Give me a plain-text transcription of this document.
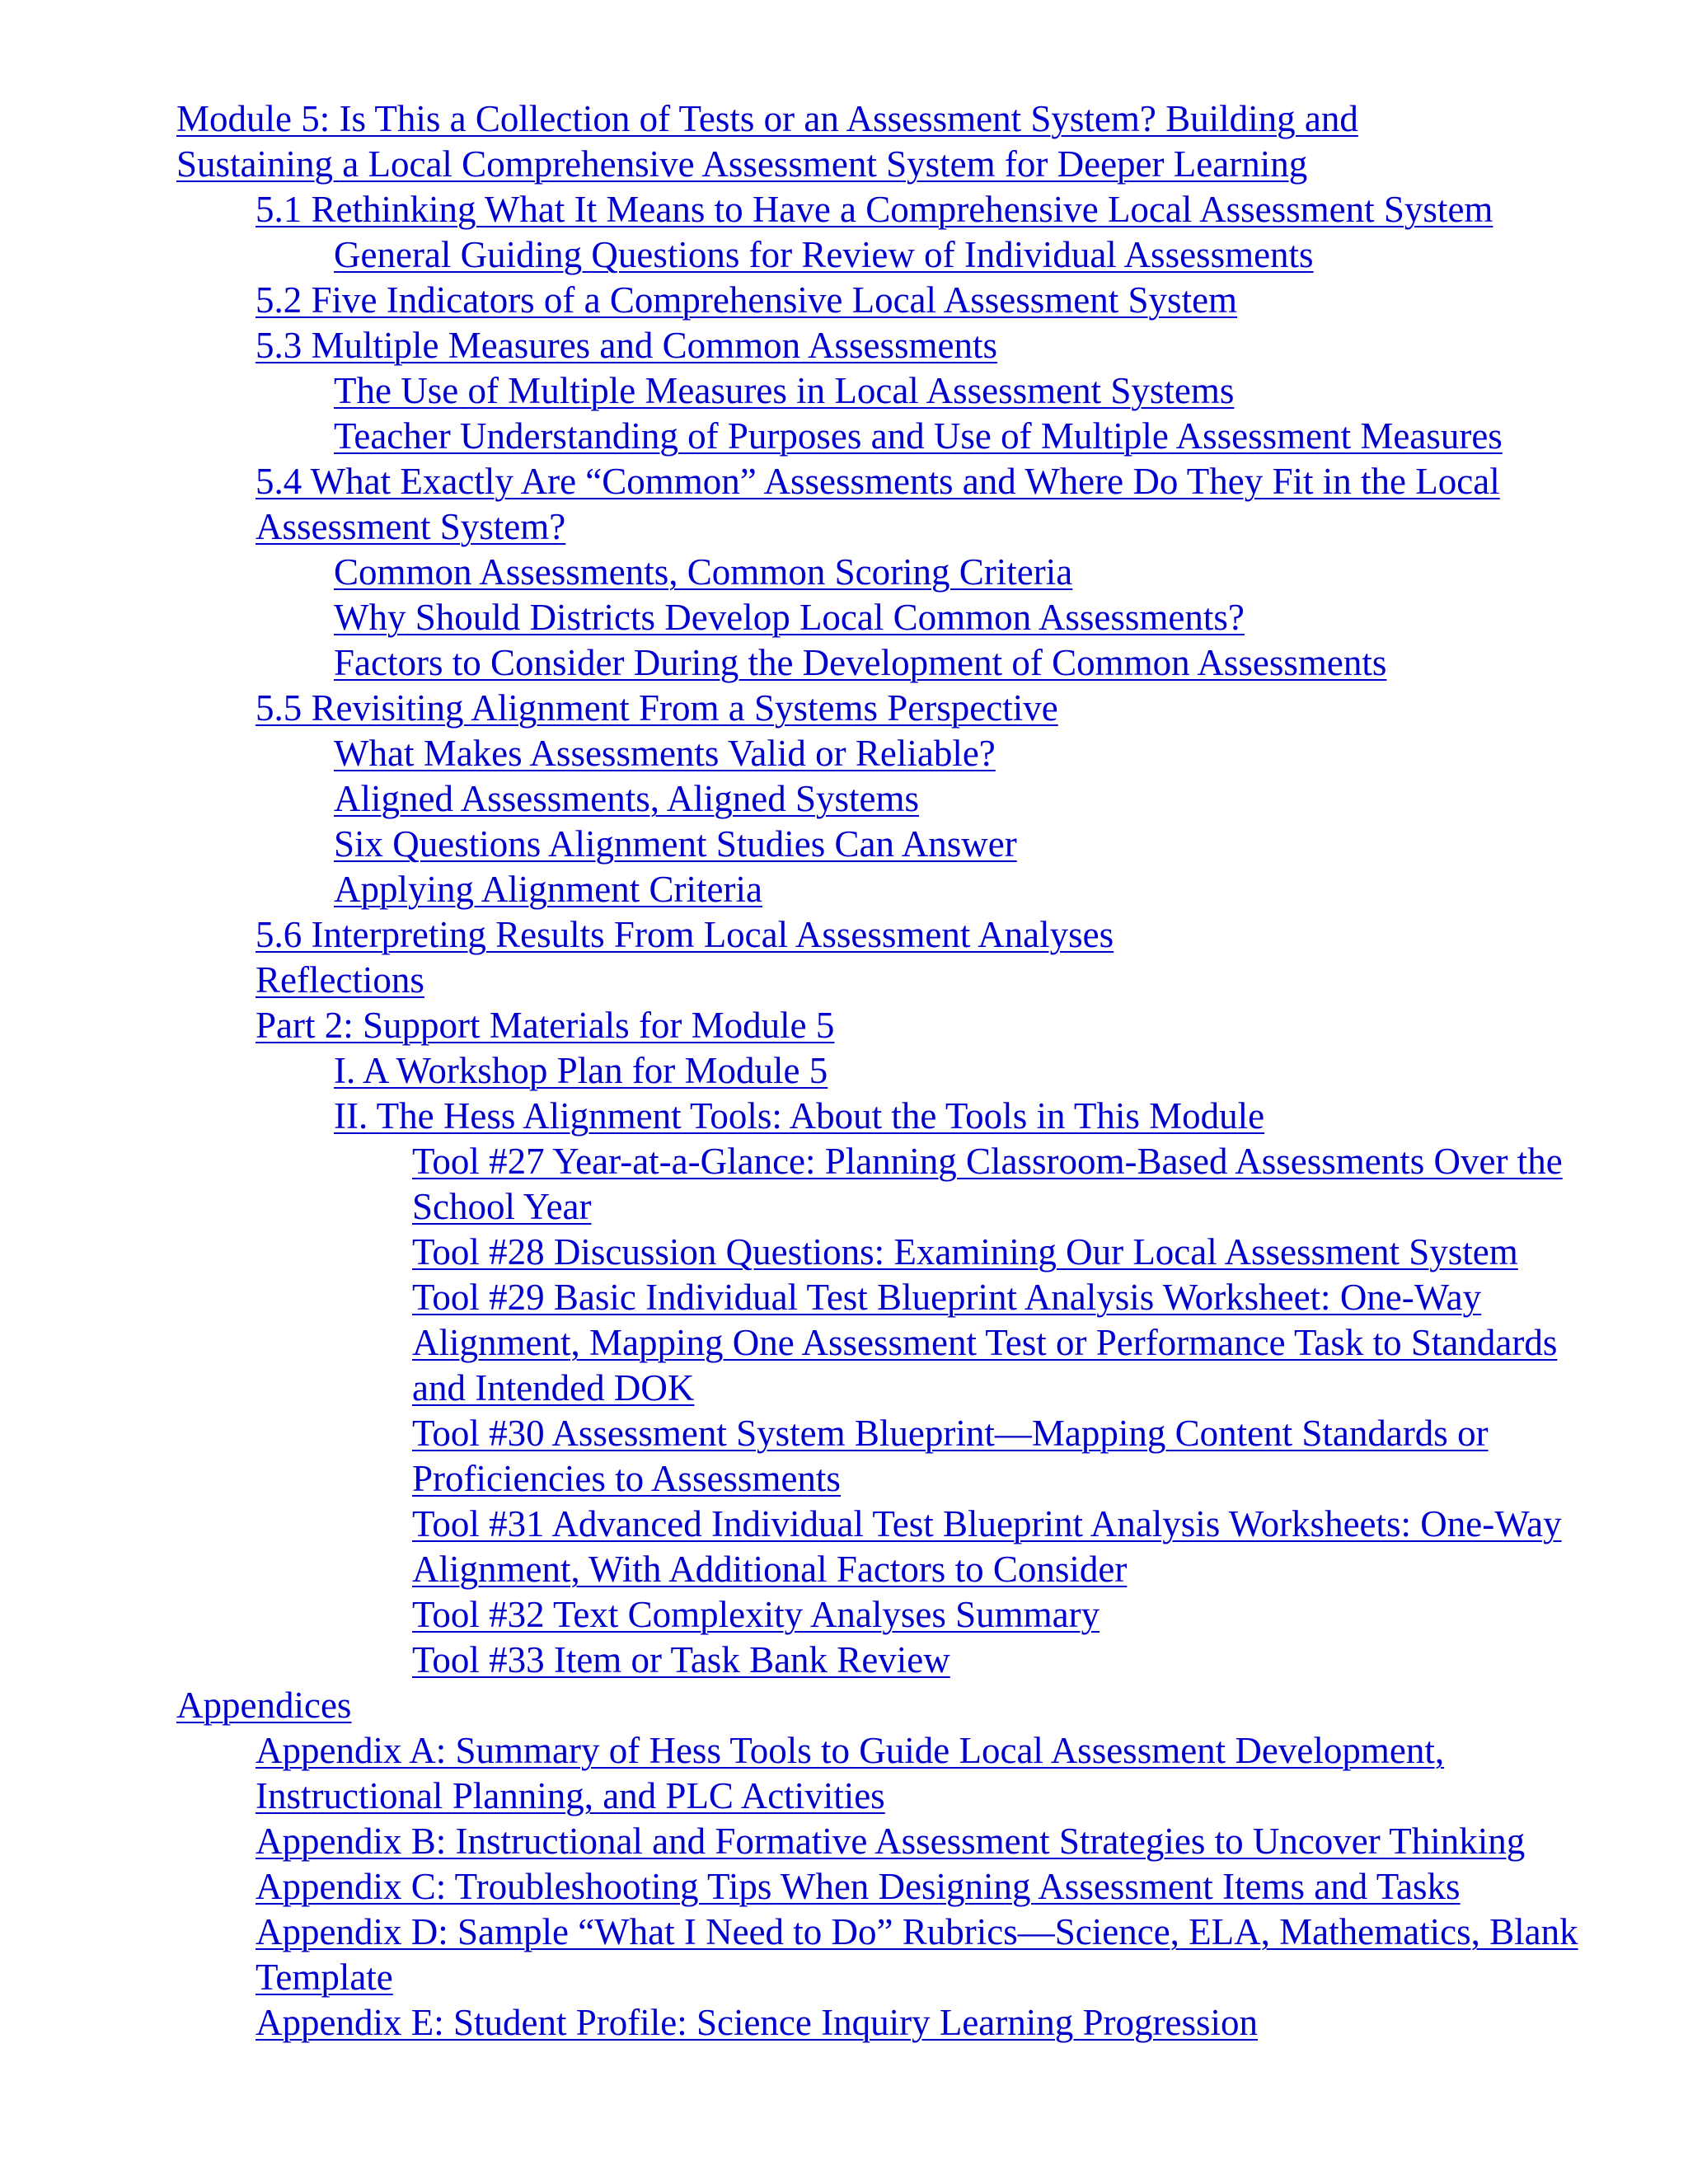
Module 5: Is This a Collection of Tests or an Assessment System? Building and Sustaining a Local Comprehensive Assessment System for Deeper Learning
5.1 Rethinking What It Means to Have a Comprehensive Local Assessment System
General Guiding Questions for Review of Individual Assessments
5.2 Five Indicators of a Comprehensive Local Assessment System
5.3 Multiple Measures and Common Assessments
The Use of Multiple Measures in Local Assessment Systems
Teacher Understanding of Purposes and Use of Multiple Assessment Measures
5.4 What Exactly Are “Common” Assessments and Where Do They Fit in the Local Assessment System?
Common Assessments, Common Scoring Criteria
Why Should Districts Develop Local Common Assessments?
Factors to Consider During the Development of Common Assessments
5.5 Revisiting Alignment From a Systems Perspective
What Makes Assessments Valid or Reliable?
Aligned Assessments, Aligned Systems
Six Questions Alignment Studies Can Answer
Applying Alignment Criteria
5.6 Interpreting Results From Local Assessment Analyses
Reflections
Part 2: Support Materials for Module 5
I. A Workshop Plan for Module 5
II. The Hess Alignment Tools: About the Tools in This Module
Tool #27 Year-at-a-Glance: Planning Classroom-Based Assessments Over the School Year
Tool #28 Discussion Questions: Examining Our Local Assessment System
Tool #29 Basic Individual Test Blueprint Analysis Worksheet: One-Way Alignment, Mapping One Assessment Test or Performance Task to Standards and Intended DOK
Tool #30 Assessment System Blueprint—Mapping Content Standards or Proficiencies to Assessments
Tool #31 Advanced Individual Test Blueprint Analysis Worksheets: One-Way Alignment, With Additional Factors to Consider
Tool #32 Text Complexity Analyses Summary
Tool #33 Item or Task Bank Review
Appendices
Appendix A: Summary of Hess Tools to Guide Local Assessment Development, Instructional Planning, and PLC Activities
Appendix B: Instructional and Formative Assessment Strategies to Uncover Thinking
Appendix C: Troubleshooting Tips When Designing Assessment Items and Tasks
Appendix D: Sample “What I Need to Do” Rubrics—Science, ELA, Mathematics, Blank Template
Appendix E: Student Profile: Science Inquiry Learning Progression
